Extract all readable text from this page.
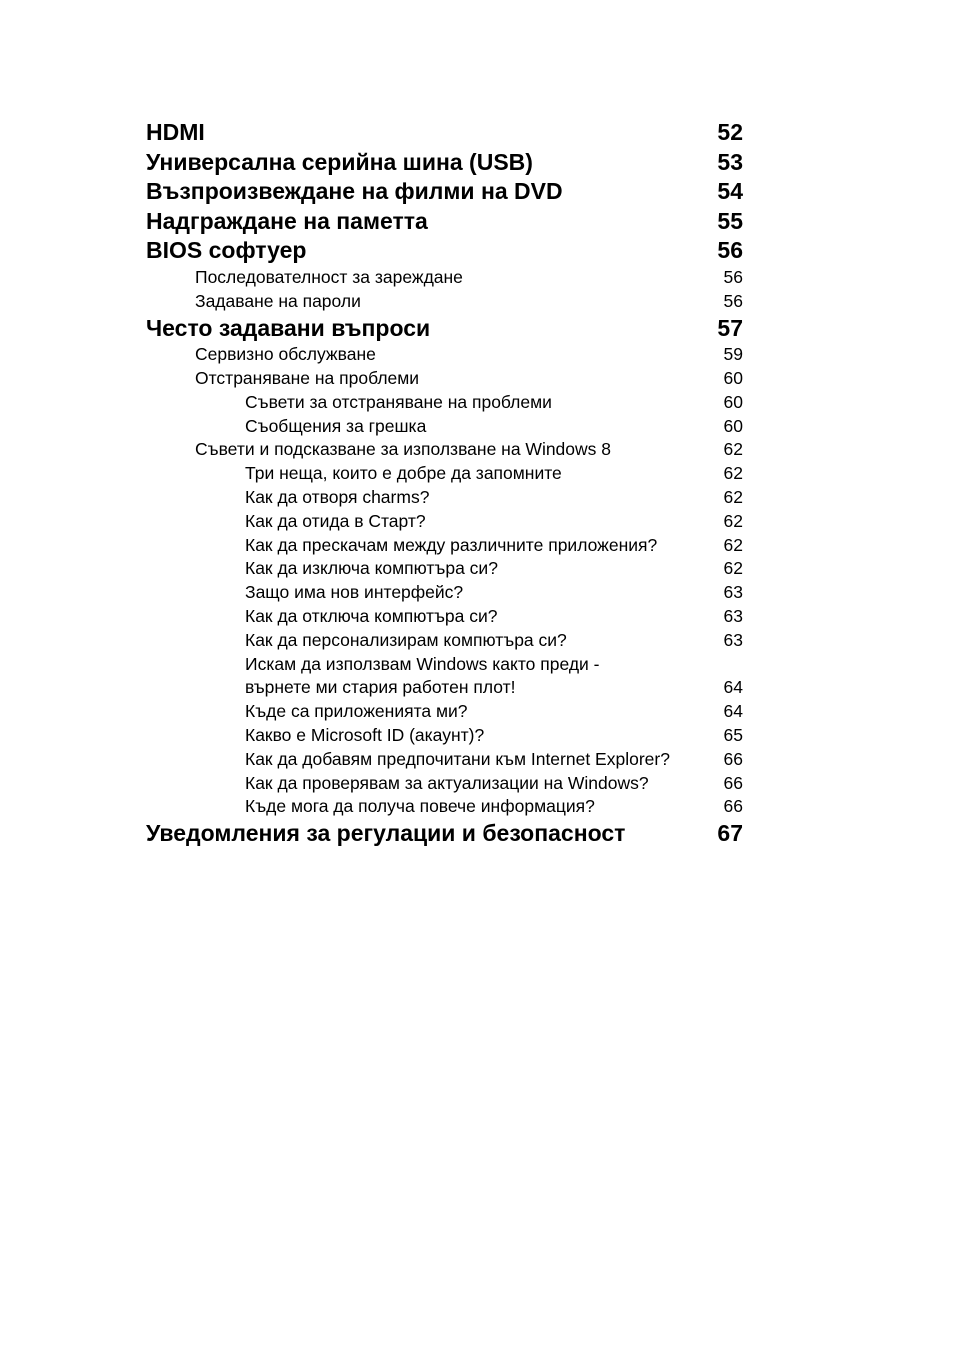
HDMI	52
Универсална серийна шина (USB)	53
Възпроизвеждане на филми на DVD	54
Надграждане на паметта	55
BIOS софтуер	56
Последователност за зареждане	56
Задаване на пароли	56
Често задавани въпроси	57
Сервизно обслужване	59
Отстраняване на проблеми	60
Съвети за отстраняване на проблеми	60
Съобщения за грешка	60
Съвети и подсказване за използване на Windows 8	62
Три неща, които е добре да запомните	62
Как да отворя charms?	62
Как да отида в Старт?	62
Как да прескачам между различните приложения?	62
Как да изключа компютъра си?	62
Защо има нов интерфейс?	63
Как да отключа компютъра си?	63
Как да персонализирам компютъра си?	63
Искам да използвам Windows както преди -
върнете ми стария работен плот!	64
Къде са приложенията ми?	64
Какво е Microsoft ID (акаунт)?	65
Как да добавям предпочитани към Internet Explorer?	66
Как да проверявам за актуализации на Windows?	66
Къде мога да получа повече информация?	66
Уведомления за регулации и безопасност	67
